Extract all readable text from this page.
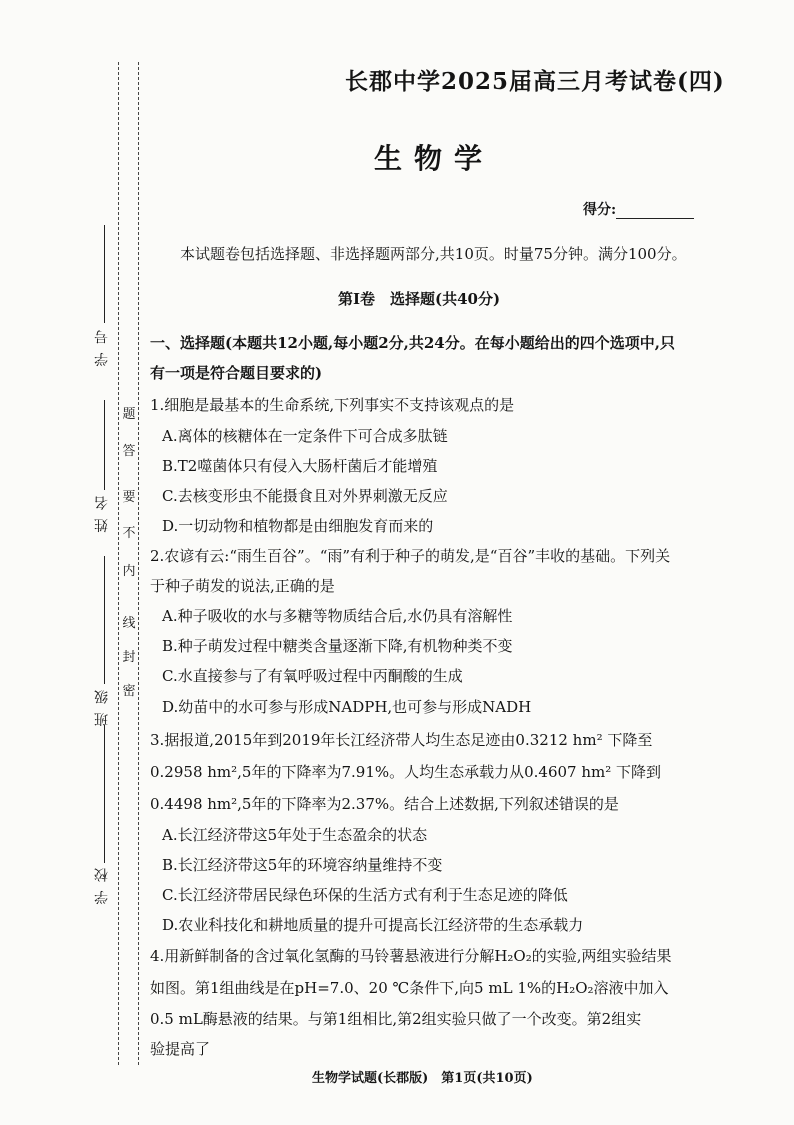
学 号
姓 名
班 级
学 校
密
封
线
内
不
要
答
题
长郡中学2025届高三月考试卷(四)
生物学
得分:
本试题卷包括选择题、非选择题两部分,共10页。时量75分钟。满分100分。
第Ⅰ卷　选择题(共40分)
一、选择题(本题共12小题,每小题2分,共24分。在每小题给出的四个选项中,只
有一项是符合题目要求的)
1.细胞是最基本的生命系统,下列事实不支持该观点的是
A.离体的核糖体在一定条件下可合成多肽链
B.T2噬菌体只有侵入大肠杆菌后才能增殖
C.去核变形虫不能摄食且对外界刺激无反应
D.一切动物和植物都是由细胞发育而来的
2.农谚有云:“雨生百谷”。“雨”有利于种子的萌发,是“百谷”丰收的基础。下列关
于种子萌发的说法,正确的是
A.种子吸收的水与多糖等物质结合后,水仍具有溶解性
B.种子萌发过程中糖类含量逐渐下降,有机物种类不变
C.水直接参与了有氧呼吸过程中丙酮酸的生成
D.幼苗中的水可参与形成NADPH,也可参与形成NADH
3.据报道,2015年到2019年长江经济带人均生态足迹由0.3212 hm² 下降至
0.2958 hm²,5年的下降率为7.91%。人均生态承载力从0.4607 hm² 下降到
0.4498 hm²,5年的下降率为2.37%。结合上述数据,下列叙述错误的是
A.长江经济带这5年处于生态盈余的状态
B.长江经济带这5年的环境容纳量维持不变
C.长江经济带居民绿色环保的生活方式有利于生态足迹的降低
D.农业科技化和耕地质量的提升可提高长江经济带的生态承载力
4.用新鲜制备的含过氧化氢酶的马铃薯悬液进行分解H₂O₂的实验,两组实验结果
如图。第1组曲线是在pH=7.0、20 ℃条件下,向5 mL 1%的H₂O₂溶液中加入
0.5 mL酶悬液的结果。与第1组相比,第2组实验只做了一个改变。第2组实
验提高了
生物学试题(长郡版)　第1页(共10页)
